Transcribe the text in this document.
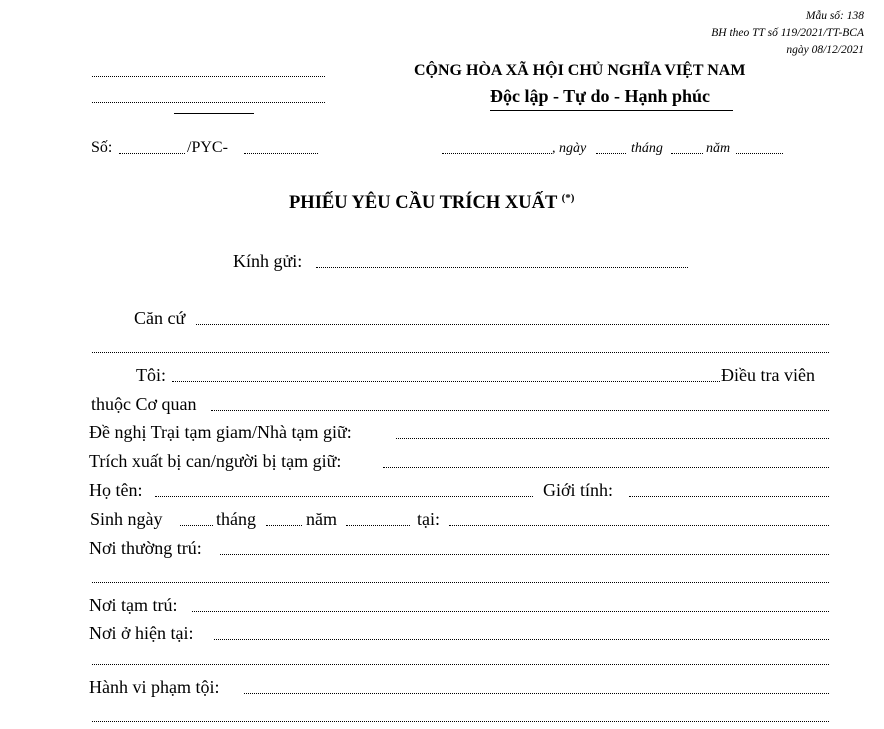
Mẫu số: 138
BH theo TT số 119/2021/TT-BCA
ngày 08/12/2021
CỘNG HÒA XÃ HỘI CHỦ NGHĨA VIỆT NAM
Độc lập - Tự do - Hạnh phúc
Số:	/PYC-	, ngày	tháng	năm
PHIẾU YÊU CẦU TRÍCH XUẤT (*)
Kính gửi:
Căn cứ
Tôi:	Điều tra viên
thuộc Cơ quan
Đề nghị Trại tạm giam/Nhà tạm giữ:
Trích xuất bị can/người bị tạm giữ:
Họ tên:	Giới tính:
Sinh ngày	tháng	năm	tại:
Nơi thường trú:
Nơi tạm trú:
Nơi ở hiện tại:
Hành vi phạm tội:
